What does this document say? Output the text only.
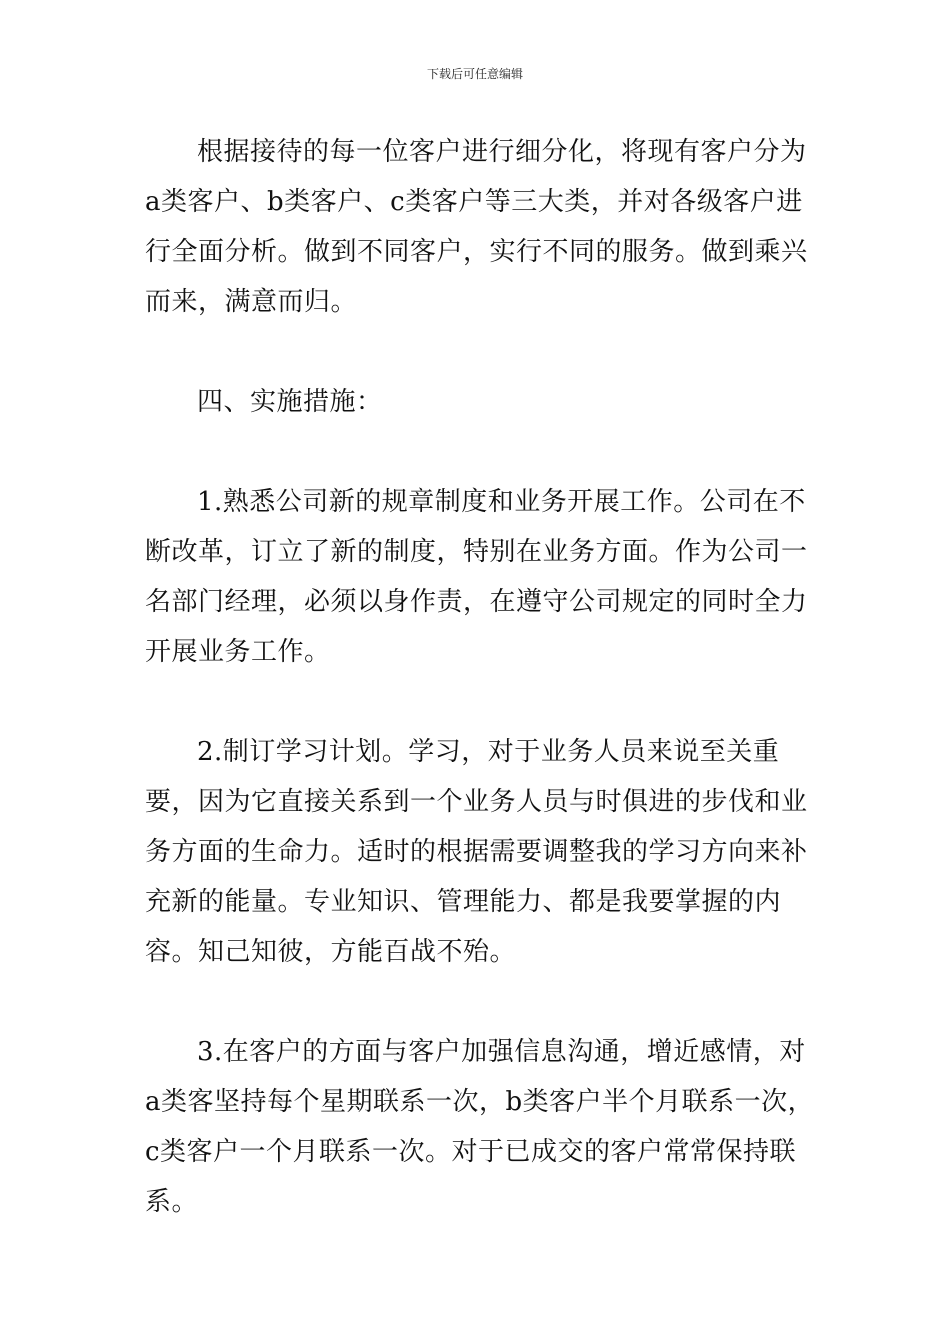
下载后可任意编辑

根据接待的每一位客户进行细分化，将现有客户分为a类客户、b类客户、c类客户等三大类，并对各级客户进行全面分析。做到不同客户，实行不同的服务。做到乘兴而来，满意而归。

四、实施措施：

1.熟悉公司新的规章制度和业务开展工作。公司在不断改革，订立了新的制度，特别在业务方面。作为公司一名部门经理，必须以身作责，在遵守公司规定的同时全力开展业务工作。

2.制订学习计划。学习，对于业务人员来说至关重要，因为它直接关系到一个业务人员与时俱进的步伐和业务方面的生命力。适时的根据需要调整我的学习方向来补充新的能量。专业知识、管理能力、都是我要掌握的内容。知己知彼，方能百战不殆。

3.在客户的方面与客户加强信息沟通，增近感情，对a类客坚持每个星期联系一次，b类客户半个月联系一次，c类客户一个月联系一次。对于已成交的客户常常保持联系。
